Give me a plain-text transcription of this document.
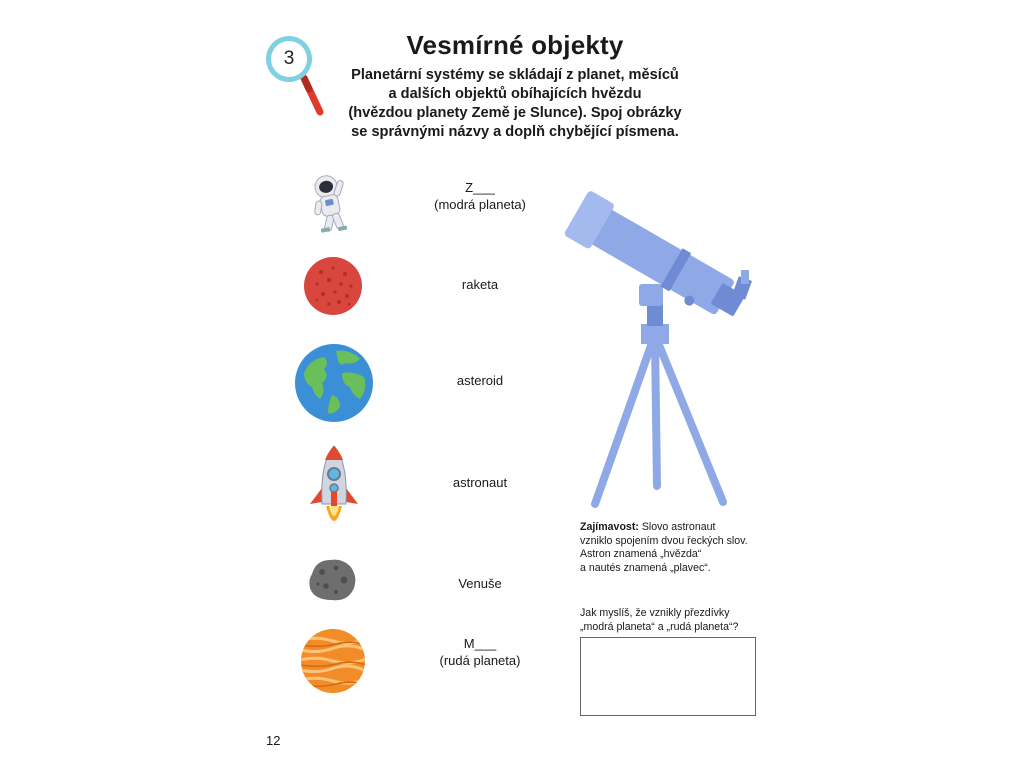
3	Vesmírné objekty
Planetární systémy se skládají z planet, měsíců
a dalších objektů obíhajících hvězdu
(hvězdou planety Země je Slunce). Spoj obrázky
se správnými názvy a doplň chybějící písmena.
Z___
(modrá planeta)
raketa
asteroid
astronaut
Venuše
M___
(rudá planeta)
Zajímavost: Slovo astronaut
vzniklo spojením dvou řeckých slov.
Astron znamená „hvězda“
a nautés znamená „plavec“.
Jak myslíš, že vznikly přezdívky
„modrá planeta“ a „rudá planeta“?
12
